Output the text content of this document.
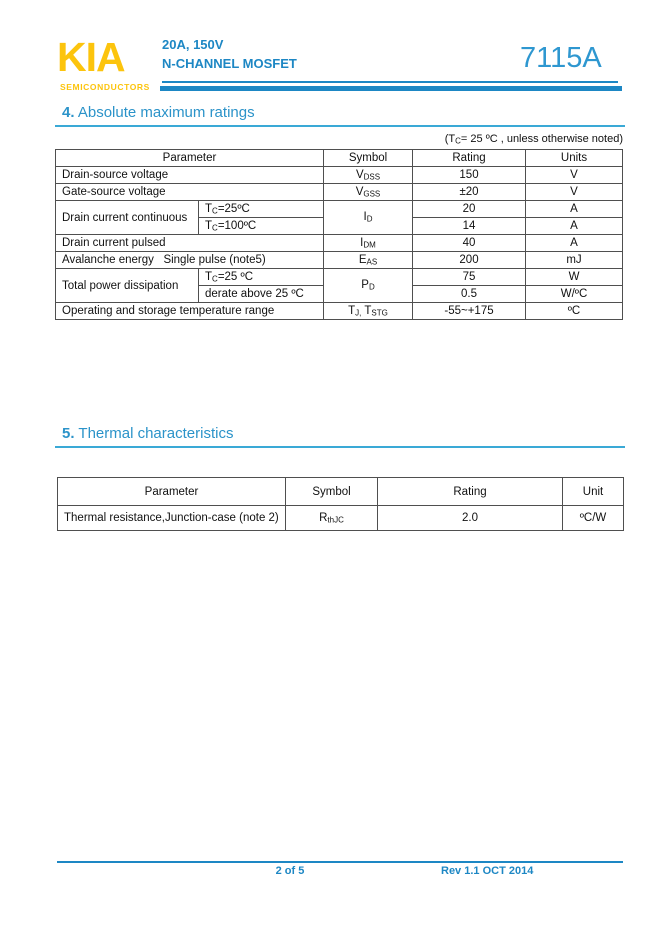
KIA
SEMICONDUCTORS
20A, 150V
N-CHANNEL MOSFET	7115A
4. Absolute maximum ratings
(TC= 25 ºC , unless otherwise noted)
Parameter		Symbol	Rating	Units
Drain-source voltage		VDSS	150	V
Gate-source voltage		VGSS	±20	V
Drain current continuous	TC=25ºC	ID	20	A
	TC=100ºC		14	A
Drain current pulsed		IDM	40	A
Avalanche energy   Single pulse (note5)		EAS	200	mJ
Total power dissipation	TC=25 ºC	PD	75	W
	derate above 25 ºC		0.5	W/ºC
Operating and storage temperature range		TJ, TSTG	-55~+175	ºC
5. Thermal characteristics
Parameter	Symbol	Rating	Unit
Thermal resistance,Junction-case (note 2)	RthJC	2.0	ºC/W
2 of 5	Rev 1.1 OCT 2014
